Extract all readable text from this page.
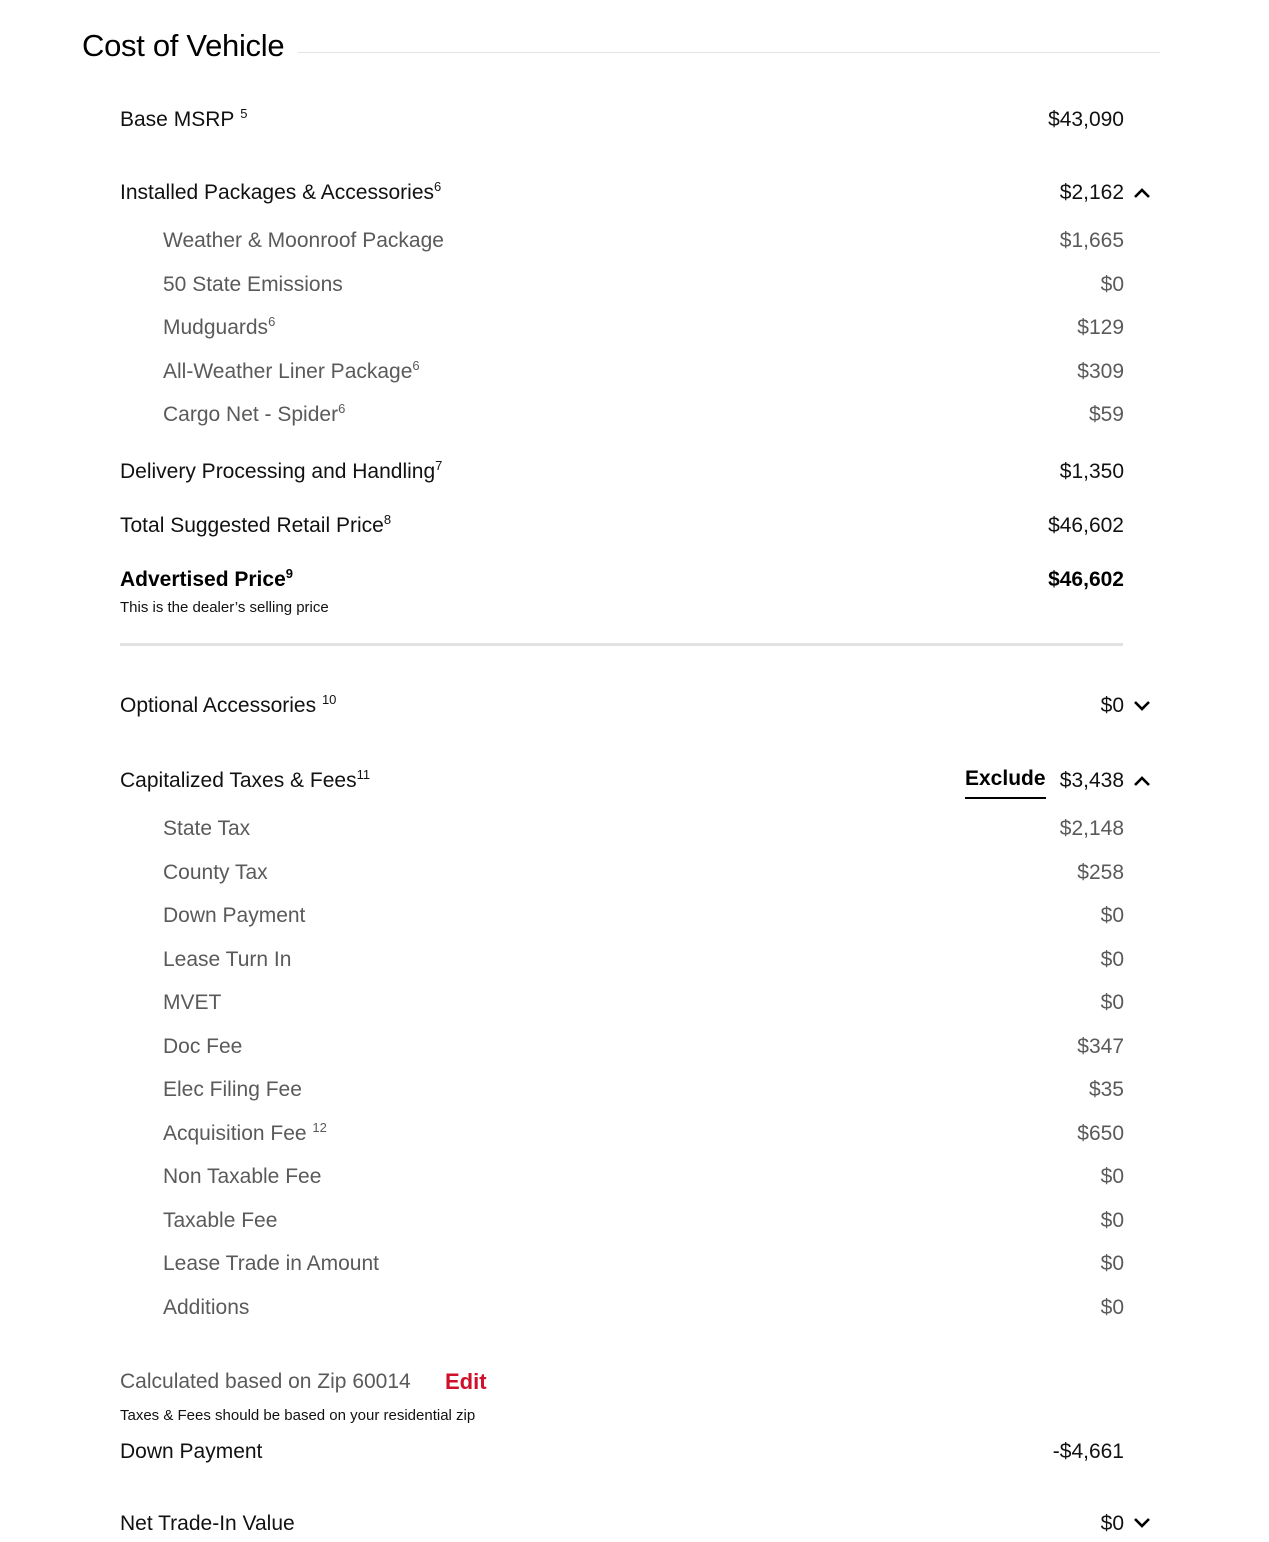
Cost of Vehicle
Base MSRP $^5$	$43,090
Installed Packages & Accessories$^6$	$2,162
Weather & Moonroof Package	$1,665
50 State Emissions	$0
Mudguards$^6$	$129
All-Weather Liner Package$^6$	$309
Cargo Net - Spider$^6$	$59
Delivery Processing and Handling$^7$	$1,350
Total Suggested Retail Price$^8$	$46,602
Advertised Price$^9$	$46,602
This is the dealer’s selling price
Optional Accessories $^{10}$	$0
Capitalized Taxes & Fees$^{11}$	$3,438
Exclude
State Tax	$2,148
County Tax	$258
Down Payment	$0
Lease Turn In	$0
MVET	$0
Doc Fee	$347
Elec Filing Fee	$35
Acquisition Fee $^{12}$	$650
Non Taxable Fee	$0
Taxable Fee	$0
Lease Trade in Amount	$0
Additions	$0
Calculated based on Zip 60014 Edit
Taxes & Fees should be based on your residential zip
Down Payment	-$4,661
Net Trade-In Value	$0
